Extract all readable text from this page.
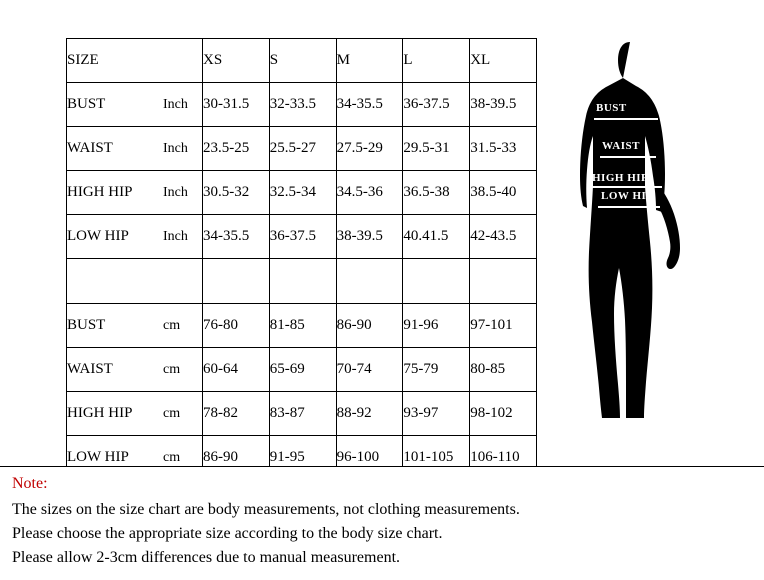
SIZE	XS	S	M	L	XL
BUST Inch	30-31.5	32-33.5	34-35.5	36-37.5	38-39.5
WAIST Inch	23.5-25	25.5-27	27.5-29	29.5-31	31.5-33
HIGH HIP Inch	30.5-32	32.5-34	34.5-36	36.5-38	38.5-40
LOW HIP Inch	34-35.5	36-37.5	38-39.5	40.41.5	42-43.5

BUST cm	76-80	81-85	86-90	91-96	97-101
WAIST cm	60-64	65-69	70-74	75-79	80-85
HIGH HIP cm	78-82	83-87	88-92	93-97	98-102
LOW HIP cm	86-90	91-95	96-100	101-105	106-110
BUST
WAIST
HIGH HIP
LOW HIP
Note:
The sizes on the size chart are body measurements, not clothing measurements.
Please choose the appropriate size according to the body size chart.
Please allow 2-3cm differences due to manual measurement.
